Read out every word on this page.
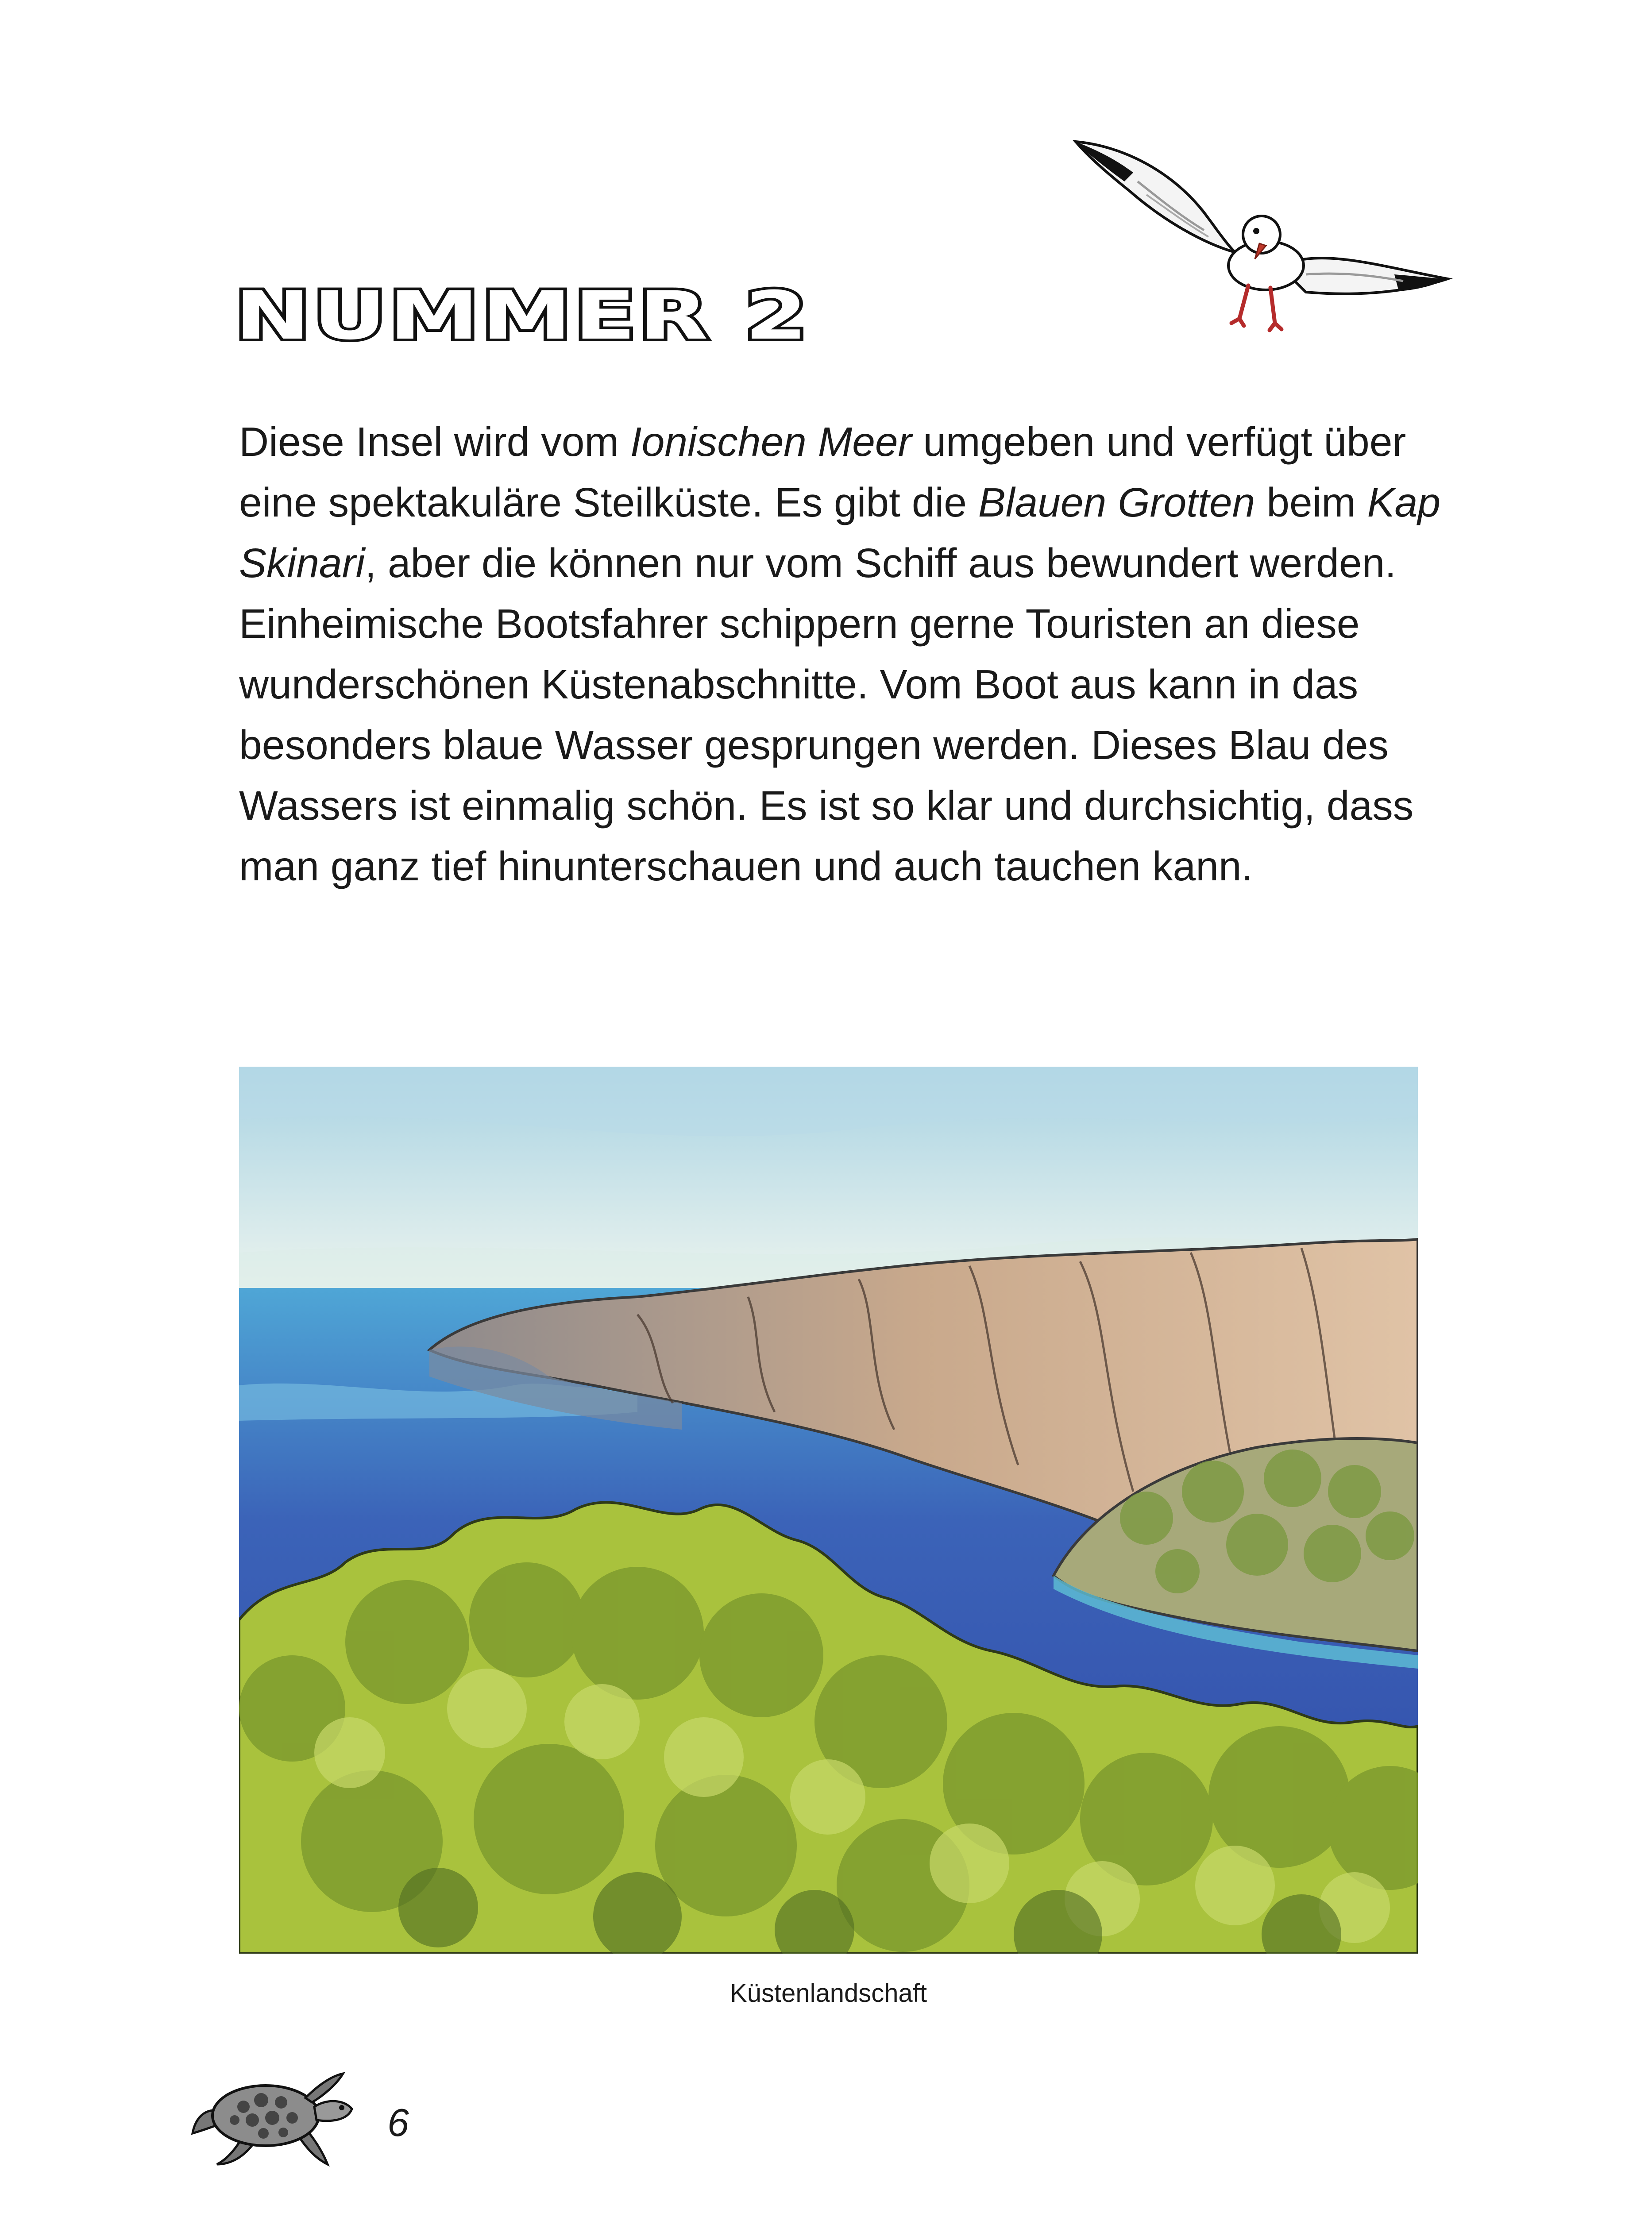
NUMMER 2

Diese Insel wird vom Ionischen Meer umgeben und verfügt über eine spektakuläre Steilküste. Es gibt die Blauen Grotten beim Kap Skinari, aber die können nur vom Schiff aus bewundert werden. Einheimische Bootsfahrer schippern gerne Touristen an diese wunderschönen Küstenabschnitte. Vom Boot aus kann in das besonders blaue Wasser gesprungen werden. Dieses Blau des Wassers ist einmalig schön. Es ist so klar und durchsichtig, dass man ganz tief hinunterschauen und auch tauchen kann.

Küstenlandschaft
6
